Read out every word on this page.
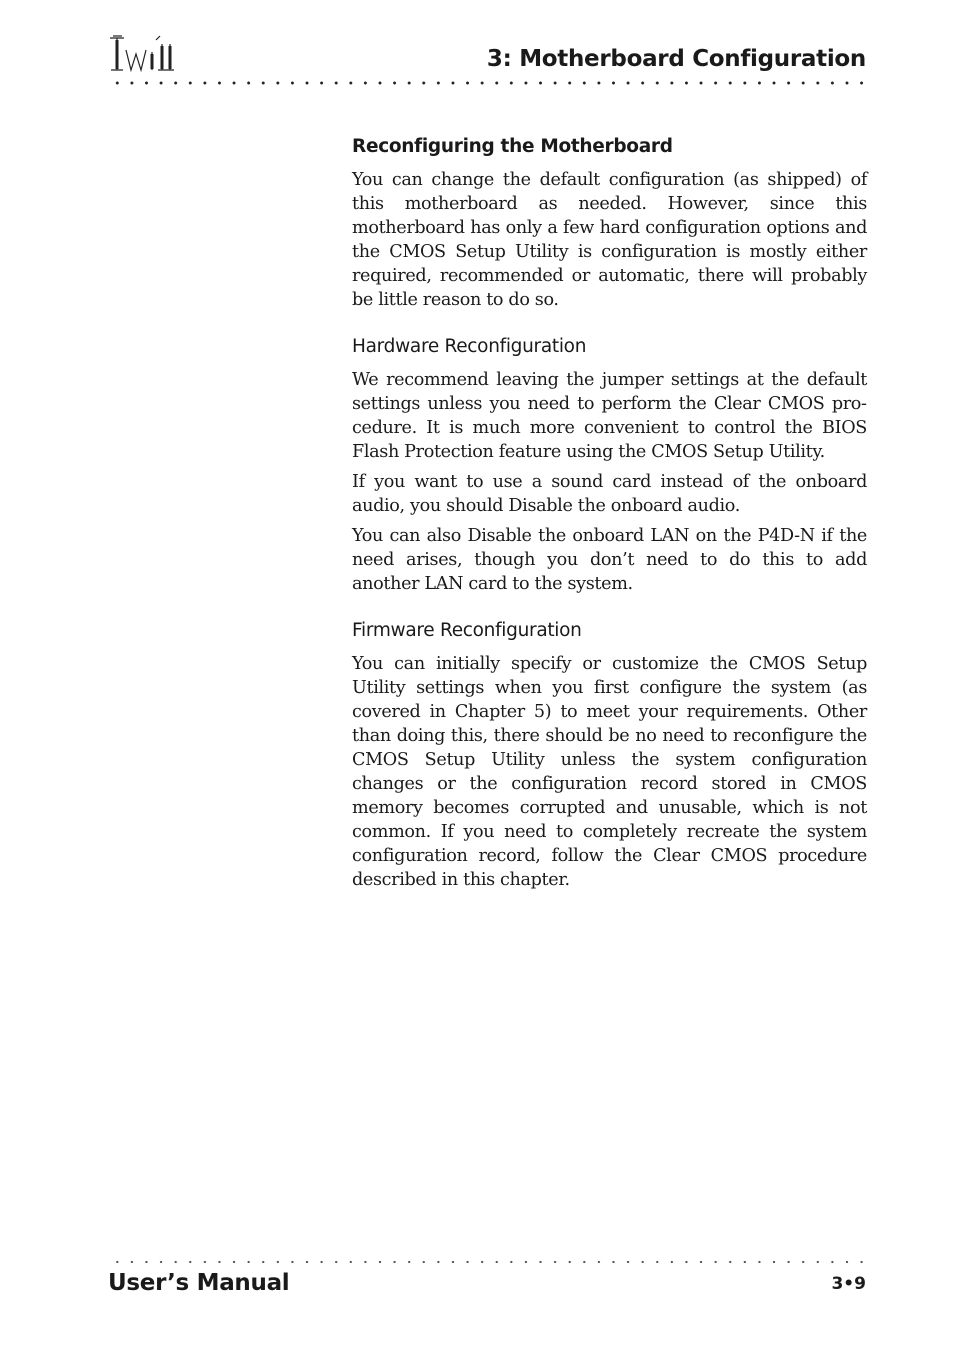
3: Motherboard Configuration
Reconfiguring the Motherboard

You can change the default configuration (as shipped) of this motherboard as needed. However, since this motherboard has only a few hard configuration options and the CMOS Setup Utility is configuration is mostly either required, recommended or automatic, there will probably be little reason to do so.

Hardware Reconfiguration

We recommend leaving the jumper settings at the default settings unless you need to perform the Clear CMOS procedure. It is much more convenient to control the BIOS Flash Protection feature using the CMOS Setup Utility.

If you want to use a sound card instead of the onboard audio, you should Disable the onboard audio.

You can also Disable the onboard LAN on the P4D-N if the need arises, though you don’t need to do this to add another LAN card to the system.

Firmware Reconfiguration

You can initially specify or customize the CMOS Setup Utility settings when you first configure the system (as covered in Chapter 5) to meet your requirements. Other than doing this, there should be no need to reconfigure the CMOS Setup Utility unless the system configuration changes or the configuration record stored in CMOS memory becomes corrupted and unusable, which is not common. If you need to completely recreate the system configuration record, follow the Clear CMOS procedure described in this chapter.

User’s Manual	3•9
